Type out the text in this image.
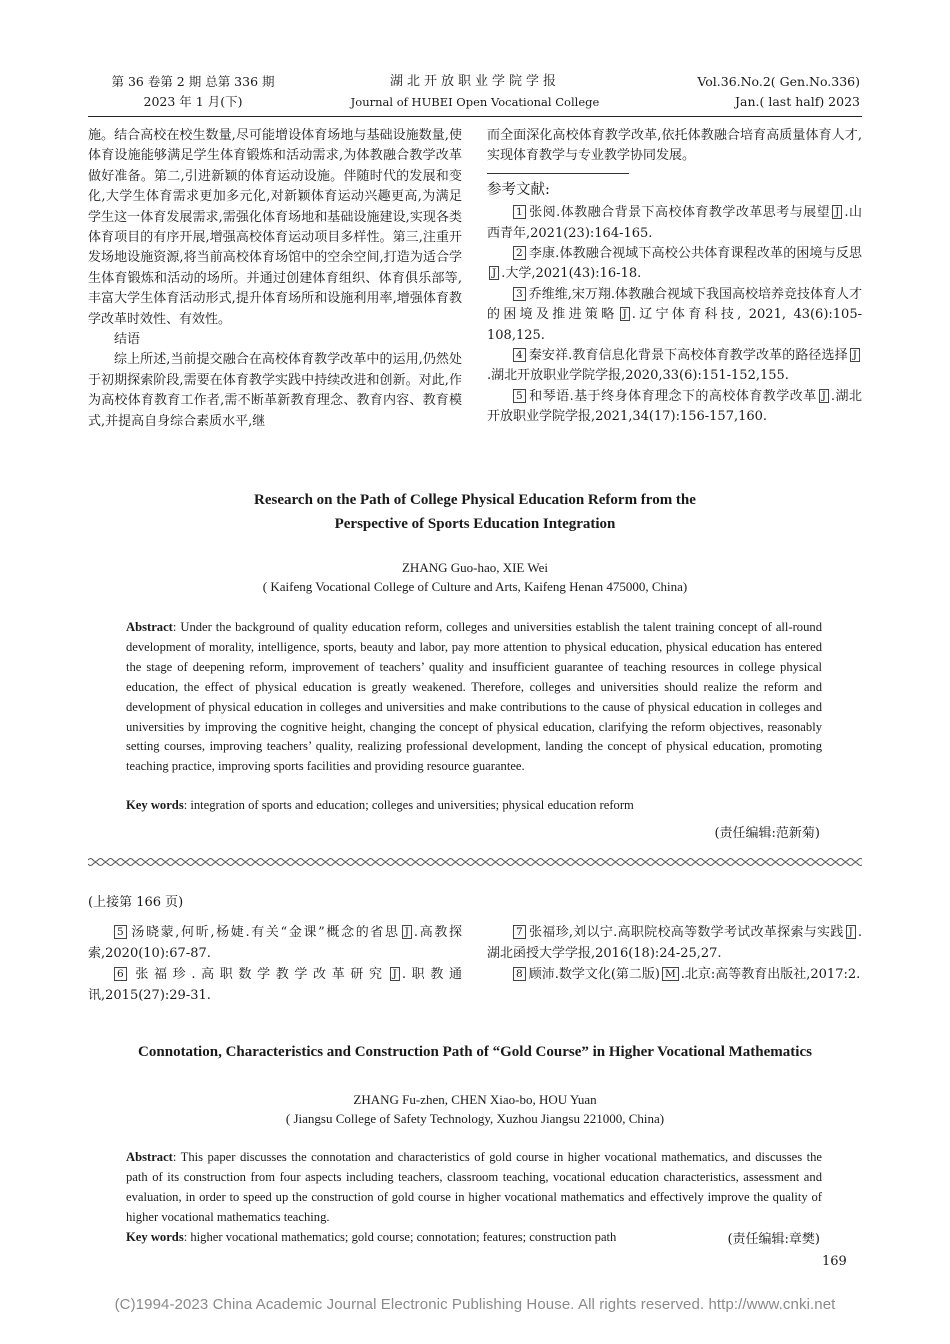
第 36 卷第 2 期 总第 336 期
2023 年 1 月(下)
湖北开放职业学院学报
Journal of HUBEI Open Vocational College
Vol.36.No.2( Gen.No.336)
Jan.( last half) 2023

施。结合高校在校生数量,尽可能增设体育场地与基础设施数量,使体育设施能够满足学生体育锻炼和活动需求,为体教融合教学改革做好准备。第二,引进新颖的体育运动设施。伴随时代的发展和变化,大学生体育需求更加多元化,对新颖体育运动兴趣更高,为满足学生这一体育发展需求,需强化体育场地和基础设施建设,实现各类体育项目的有序开展,增强高校体育运动项目多样性。第三,注重开发场地设施资源,将当前高校体育场馆中的空余空间,打造为适合学生体育锻炼和活动的场所。并通过创建体育组织、体育俱乐部等,丰富大学生体育活动形式,提升体育场所和设施利用率,增强体育教学改革时效性、有效性。

结语

综上所述,当前提交融合在高校体育教学改革中的运用,仍然处于初期探索阶段,需要在体育教学实践中持续改进和创新。对此,作为高校体育教育工作者,需不断革新教育理念、教育内容、教育模式,并提高自身综合素质水平,继

而全面深化高校体育教学改革,依托体教融合培育高质量体育人才,实现体育教学与专业教学协同发展。

参考文献:

1 张阅.体教融合背景下高校体育教学改革思考与展望 J .山西青年,2021(23):164-165.

2 李康.体教融合视域下高校公共体育课程改革的困境与反思J .大学,2021(43):16-18.

3 乔维维,宋万翔.体教融合视域下我国高校培养竞技体育人才的困境及推进策略 J .辽宁体育科技, 2021, 43(6):105-108,125.

4 秦安祥.教育信息化背景下高校体育教学改革的路径选择 J.湖北开放职业学院学报,2020,33(6):151-152,155.

5 和琴语.基于终身体育理念下的高校体育教学改革 J .湖北开放职业学院学报,2021,34(17):156-157,160.

Research on the Path of College Physical Education Reform from the
Perspective of Sports Education Integration
ZHANG Guo-hao, XIE Wei
( Kaifeng Vocational College of Culture and Arts, Kaifeng Henan 475000, China)
Abstract: Under the background of quality education reform, colleges and universities establish the talent training concept of all-round development of morality, intelligence, sports, beauty and labor, pay more attention to physical education, physical education has entered the stage of deepening reform, improvement of teachers’ quality and insufficient guarantee of teaching resources in college physical education, the effect of physical education is greatly weakened. Therefore, colleges and universities should realize the reform and development of physical education in colleges and universities and make contributions to the cause of physical education in colleges and universities by improving the cognitive height, changing the concept of physical education, clarifying the reform objectives, reasonably setting courses, improving teachers’ quality, realizing professional development, landing the concept of physical education, promoting teaching practice, improving sports facilities and providing resource guarantee.
Key words: integration of sports and education; colleges and universities; physical education reform
(责任编辑:范新菊)
(上接第 166 页)

5 汤晓蒙,何昕,杨婕.有关“金课”概念的省思 J .高教探索,2020(10):67-87.

6 张福珍.高职数学教学改革研究 J .职教通讯,2015(27):29-31.

7 张福珍,刘以宁.高职院校高等数学考试改革探索与实践 J .湖北函授大学学报,2016(18):24-25,27.

8 顾沛.数学文化(第二版) M .北京:高等教育出版社,2017:2.

Connotation, Characteristics and Construction Path of “Gold Course” in Higher Vocational Mathematics
ZHANG Fu-zhen, CHEN Xiao-bo, HOU Yuan
( Jiangsu College of Safety Technology, Xuzhou Jiangsu 221000, China)
Abstract: This paper discusses the connotation and characteristics of gold course in higher vocational mathematics, and discusses the path of its construction from four aspects including teachers, classroom teaching, vocational education characteristics, assessment and evaluation, in order to speed up the construction of gold course in higher vocational mathematics and effectively improve the quality of higher vocational mathematics teaching.
Key words: higher vocational mathematics; gold course; connotation; features; construction path	(责任编辑:章樊)
169
(C)1994-2023 China Academic Journal Electronic Publishing House. All rights reserved. http://www.cnki.net
